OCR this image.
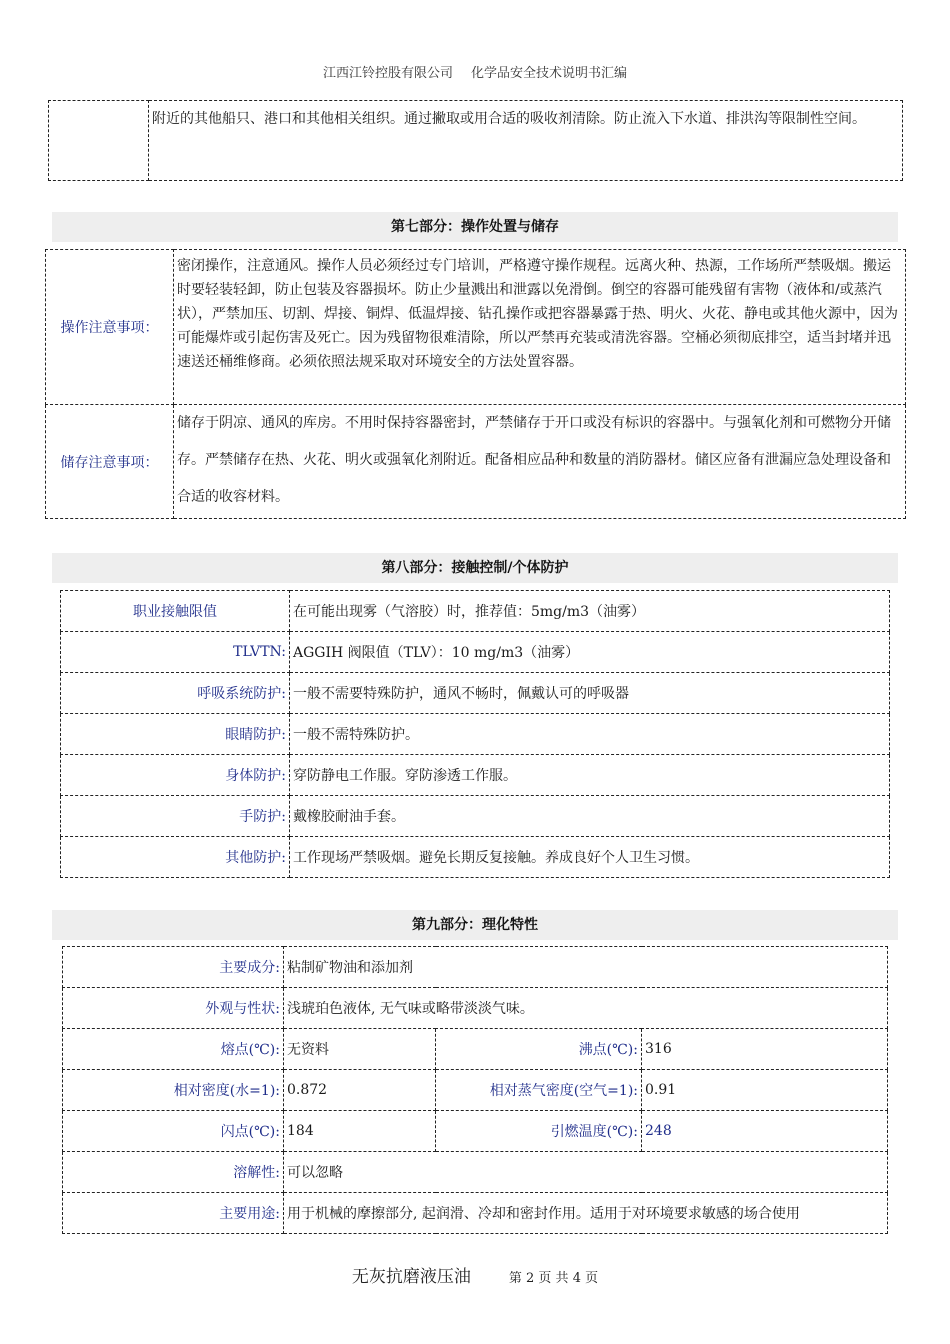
江西江铃控股有限公司 化学品安全技术说明书汇编
	附近的其他船只、港口和其他相关组织。通过撇取或用合适的吸收剂清除。防止流入下水道、排洪沟等限制性空间。
第七部分：操作处置与储存
操作注意事项：	密闭操作，注意通风。操作人员必须经过专门培训，严格遵守操作规程。远离火种、热源，工作场所严禁吸烟。搬运时要轻装轻卸，防止包装及容器损坏。防止少量溅出和泄露以免滑倒。倒空的容器可能残留有害物（液体和/或蒸汽状），严禁加压、切割、焊接、铜焊、低温焊接、钻孔操作或把容器暴露于热、明火、火花、静电或其他火源中，因为可能爆炸或引起伤害及死亡。因为残留物很难清除，所以严禁再充装或清洗容器。空桶必须彻底排空，适当封堵并迅速送还桶维修商。必须依照法规采取对环境安全的方法处置容器。
储存注意事项：	储存于阴凉、通风的库房。不用时保持容器密封，严禁储存于开口或没有标识的容器中。与强氧化剂和可燃物分开储存。严禁储存在热、火花、明火或强氧化剂附近。配备相应品种和数量的消防器材。储区应备有泄漏应急处理设备和合适的收容材料。
第八部分：接触控制/个体防护
职业接触限值	在可能出现雾（气溶胶）时，推荐值：5mg/m3（油雾）
TLVTN:	AGGIH 阀限值（TLV）：10 mg/m3（油雾）
呼吸系统防护:	一般不需要特殊防护，通风不畅时，佩戴认可的呼吸器
眼睛防护:	一般不需特殊防护。
身体防护:	穿防静电工作服。穿防渗透工作服。
手防护:	戴橡胶耐油手套。
其他防护:	工作现场严禁吸烟。避免长期反复接触。养成良好个人卫生习惯。
第九部分：理化特性
主要成分:	粘制矿物油和添加剂		
外观与性状:	浅琥珀色液体, 无气味或略带淡淡气味。		
熔点(℃):	无资料	沸点(℃):	316
相对密度(水=1):	0.872	相对蒸气密度(空气=1):	0.91
闪点(℃):	184	引燃温度(℃):	248
溶解性:	可以忽略		
主要用途:	用于机械的摩擦部分, 起润滑、冷却和密封作用。适用于对环境要求敏感的场合使用		
无灰抗磨液压油	第 2 页 共 4 页
